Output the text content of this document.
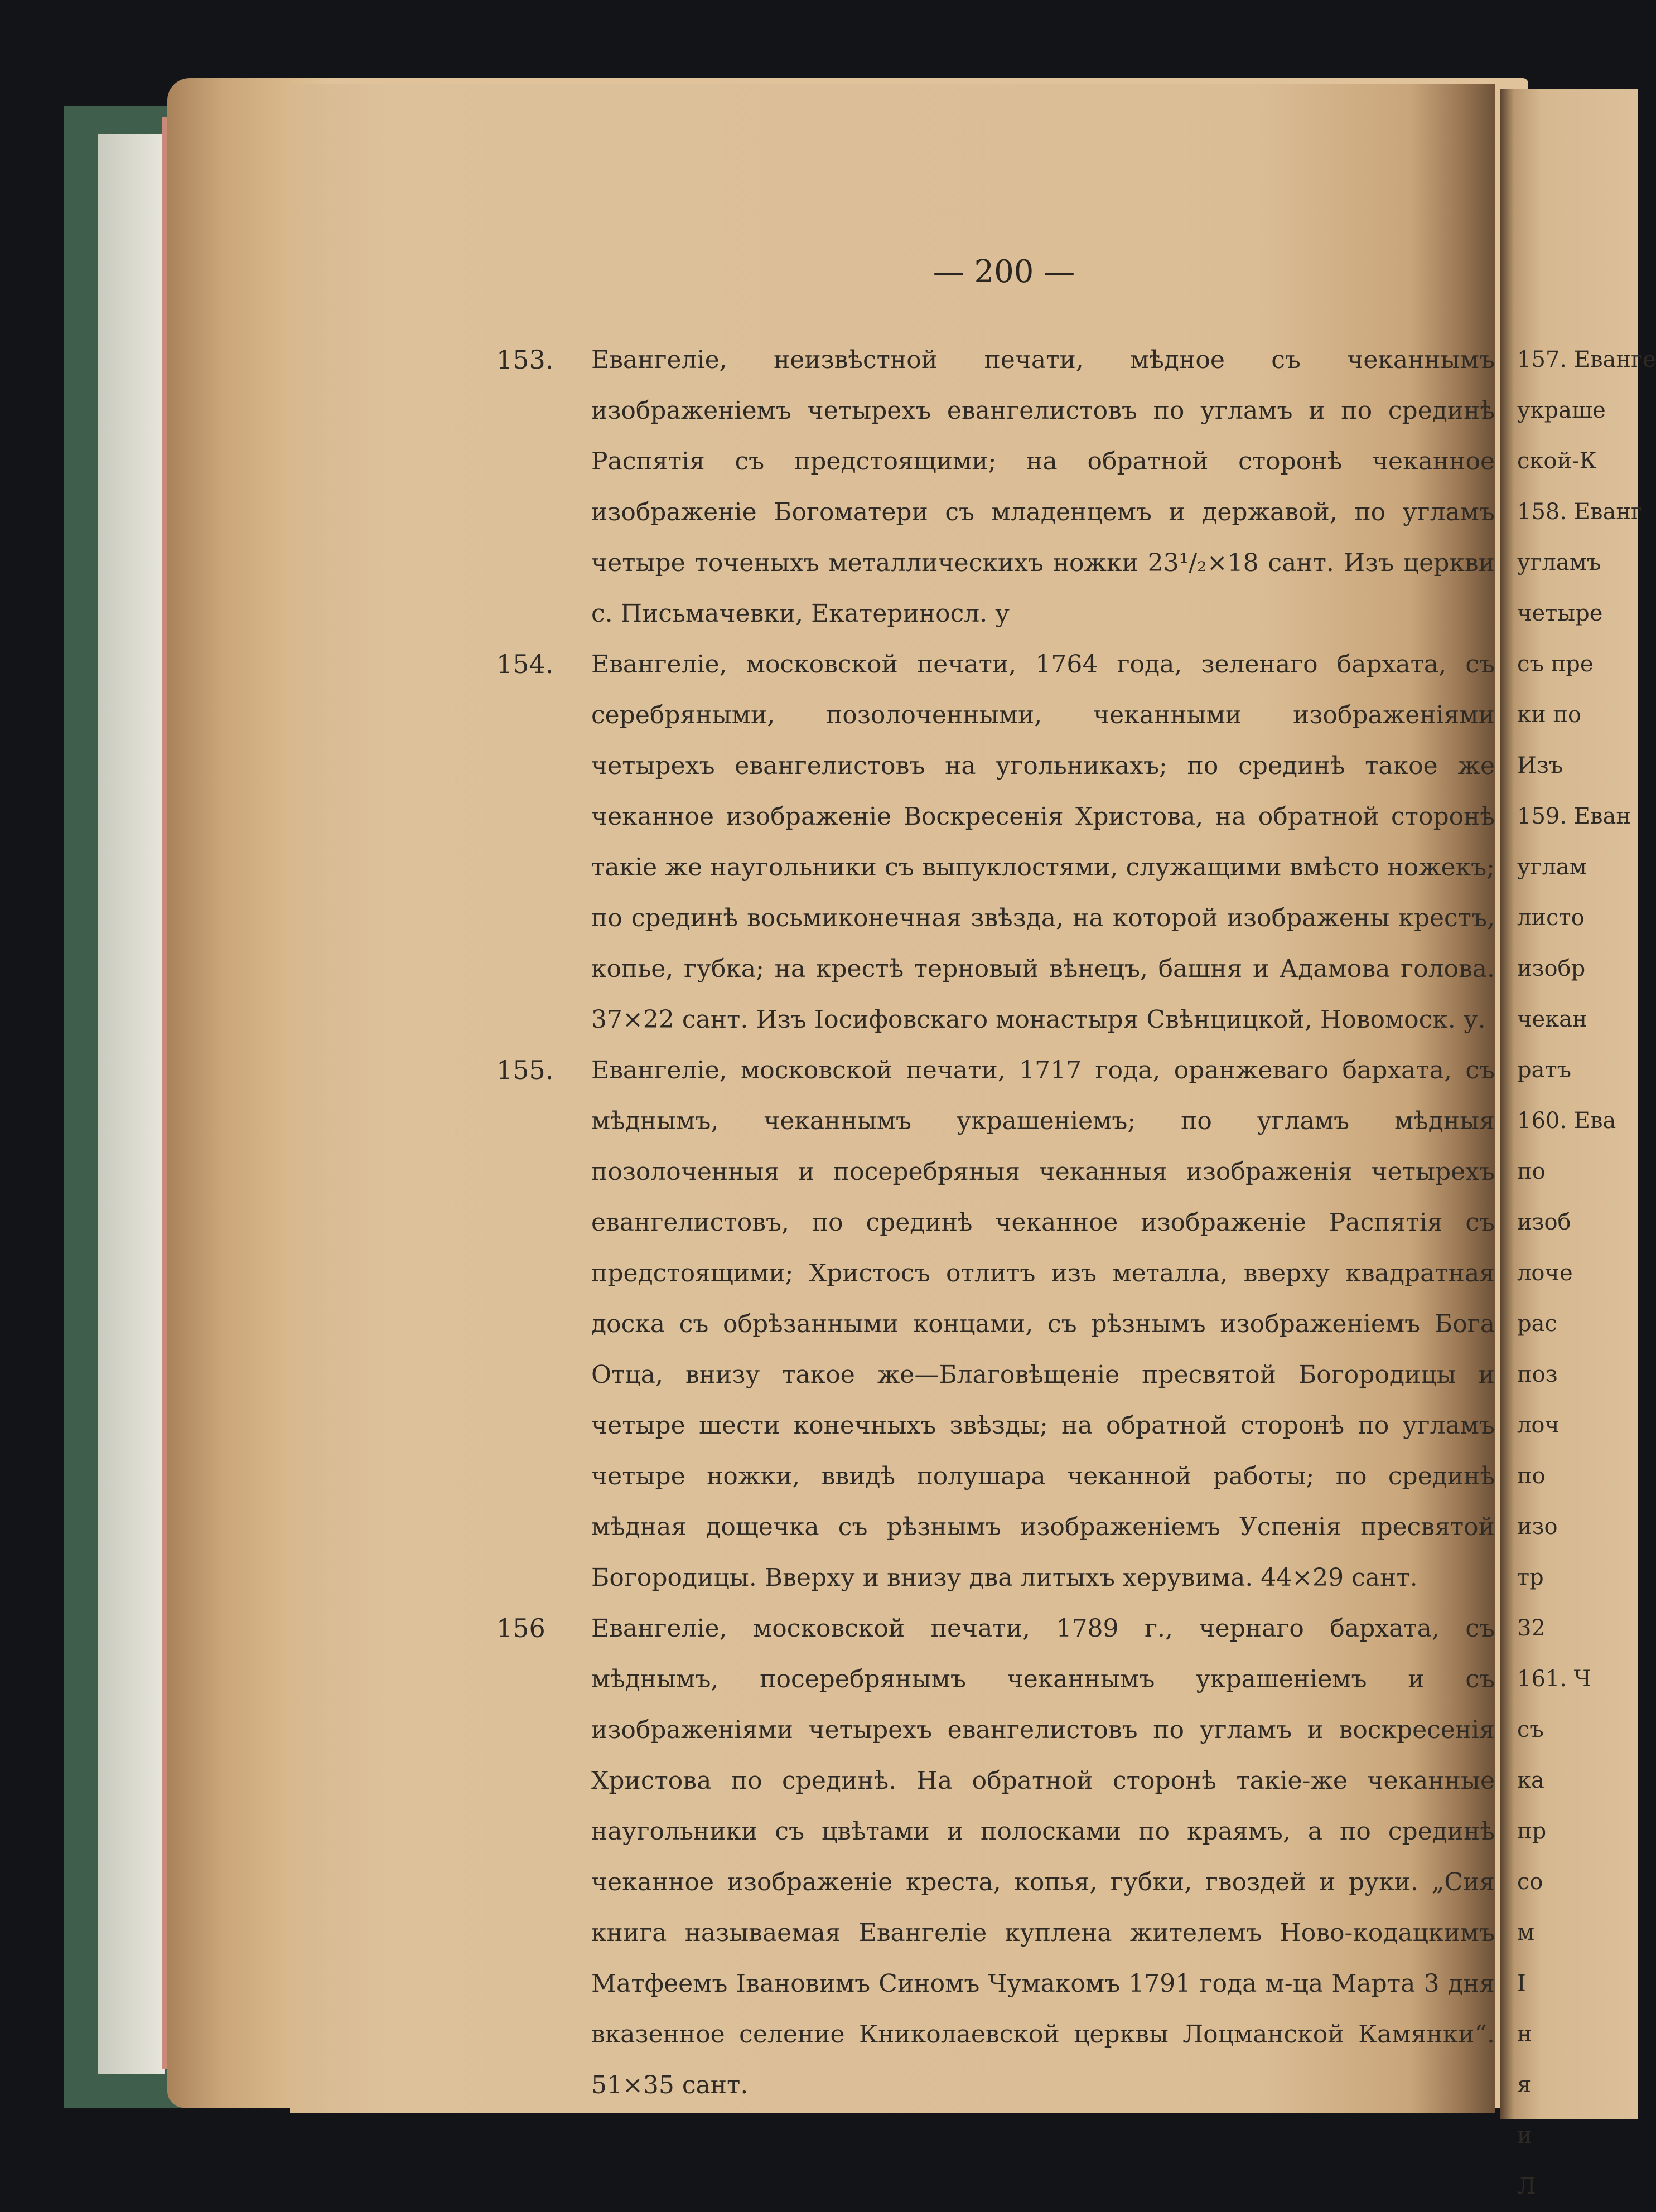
— 200 —
153. Евангеліе, неизвѣстной печати, мѣдное съ чеканнымъ изображеніемъ четырехъ евангелистовъ по угламъ и по срединѣ Распятія съ предстоящими; на обратной сторонѣ чеканное изображеніе Богоматери съ младенцемъ и державой, по угламъ четыре точеныхъ металлическихъ ножки 23¹/₂×18 сант. Изъ церкви с. Письмачевки, Екатериносл. у
154. Евангеліе, московской печати, 1764 года, зеленаго бархата, съ серебряными, позолоченными, чеканными изображеніями четырехъ евангелистовъ на угольникахъ; по срединѣ такое же чеканное изображеніе Воскресенія Христова, на обратной сторонѣ такіе же наугольники съ выпуклостями, служащими вмѣсто ножекъ; по срединѣ восьмиконечная звѣзда, на которой изображены крестъ, копье, губка; на крестѣ терновый вѣнецъ, башня и Адамова голова. 37×22 сант. Изъ Іосифовскаго монастыря Свѣнцицкой, Новомоск. у.
155. Евангеліе, московской печати, 1717 года, оранжеваго бархата, съ мѣднымъ, чеканнымъ украшеніемъ; по угламъ мѣдныя позолоченныя и посеребряныя чеканныя изображенія четырехъ евангелистовъ, по срединѣ чеканное изображеніе Распятія съ предстоящими; Христосъ отлитъ изъ металла, вверху квадратная доска съ обрѣзанными концами, съ рѣзнымъ изображеніемъ Бога Отца, внизу такое же—Благовѣщеніе пресвятой Богородицы и четыре шести конечныхъ звѣзды; на обратной сторонѣ по угламъ четыре ножки, ввидѣ полушара чеканной работы; по срединѣ мѣдная дощечка съ рѣзнымъ изображеніемъ Успенія пресвятой Богородицы. Вверху и внизу два литыхъ херувима. 44×29 сант.
156 Евангеліе, московской печати, 1789 г., чернаго бархата, съ мѣднымъ, посеребрянымъ чеканнымъ украшеніемъ и съ изображеніями четырехъ евангелистовъ по угламъ и воскресенія Христова по срединѣ. На обратной сторонѣ такіе-же чеканные наугольники съ цвѣтами и полосками по краямъ, а по срединѣ чеканное изображеніе креста, копья, губки, гвоздей и руки. „Сия книга называемая Евангеліе куплена жителемъ Ново-кодацкимъ Матфеемъ Івановимъ Синомъ Чумакомъ 1791 года м-ца Марта 3 дня вказенное селение Книколаевской церквы Лоцманской Камянки“. 51×35 сант.
157. Еванге
украше
ской-К
158. Еванг
угламъ
четыре
съ пре
ки по
Изъ
159. Еван
углам
листо
изобр
чекан
ратъ
160. Ева
по
изоб
лоче
рас
поз
лоч
по
изо
тр
32
161. Ч
съ
ка
пр
со
м
І
н
я
и
Л
